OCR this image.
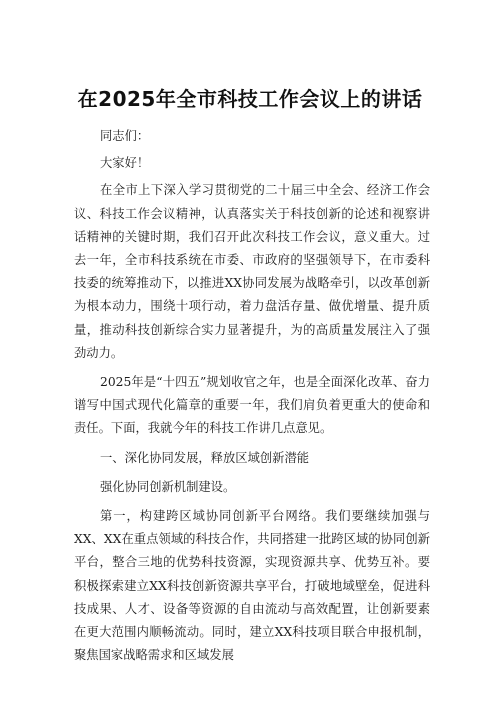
在2025年全市科技工作会议上的讲话

同志们：

大家好！

在全市上下深入学习贯彻党的二十届三中全会、经济工作会议、科技工作会议精神，认真落实关于科技创新的论述和视察讲话精神的关键时期，我们召开此次科技工作会议，意义重大。过去一年，全市科技系统在市委、市政府的坚强领导下，在市委科技委的统筹推动下，以推进XX协同发展为战略牵引，以改革创新为根本动力，围绕十项行动，着力盘活存量、做优增量、提升质量，推动科技创新综合实力显著提升，为的高质量发展注入了强劲动力。

2025年是“十四五”规划收官之年，也是全面深化改革、奋力谱写中国式现代化篇章的重要一年，我们肩负着更重大的使命和责任。下面，我就今年的科技工作讲几点意见。

一、深化协同发展，释放区域创新潜能

强化协同创新机制建设。

第一，构建跨区域协同创新平台网络。我们要继续加强与XX、XX在重点领域的科技合作，共同搭建一批跨区域的协同创新平台，整合三地的优势科技资源，实现资源共享、优势互补。要积极探索建立XX科技创新资源共享平台，打破地域壁垒，促进科技成果、人才、设备等资源的自由流动与高效配置，让创新要素在更大范围内顺畅流动。同时，建立XX科技项目联合申报机制，聚焦国家战略需求和区域发展
